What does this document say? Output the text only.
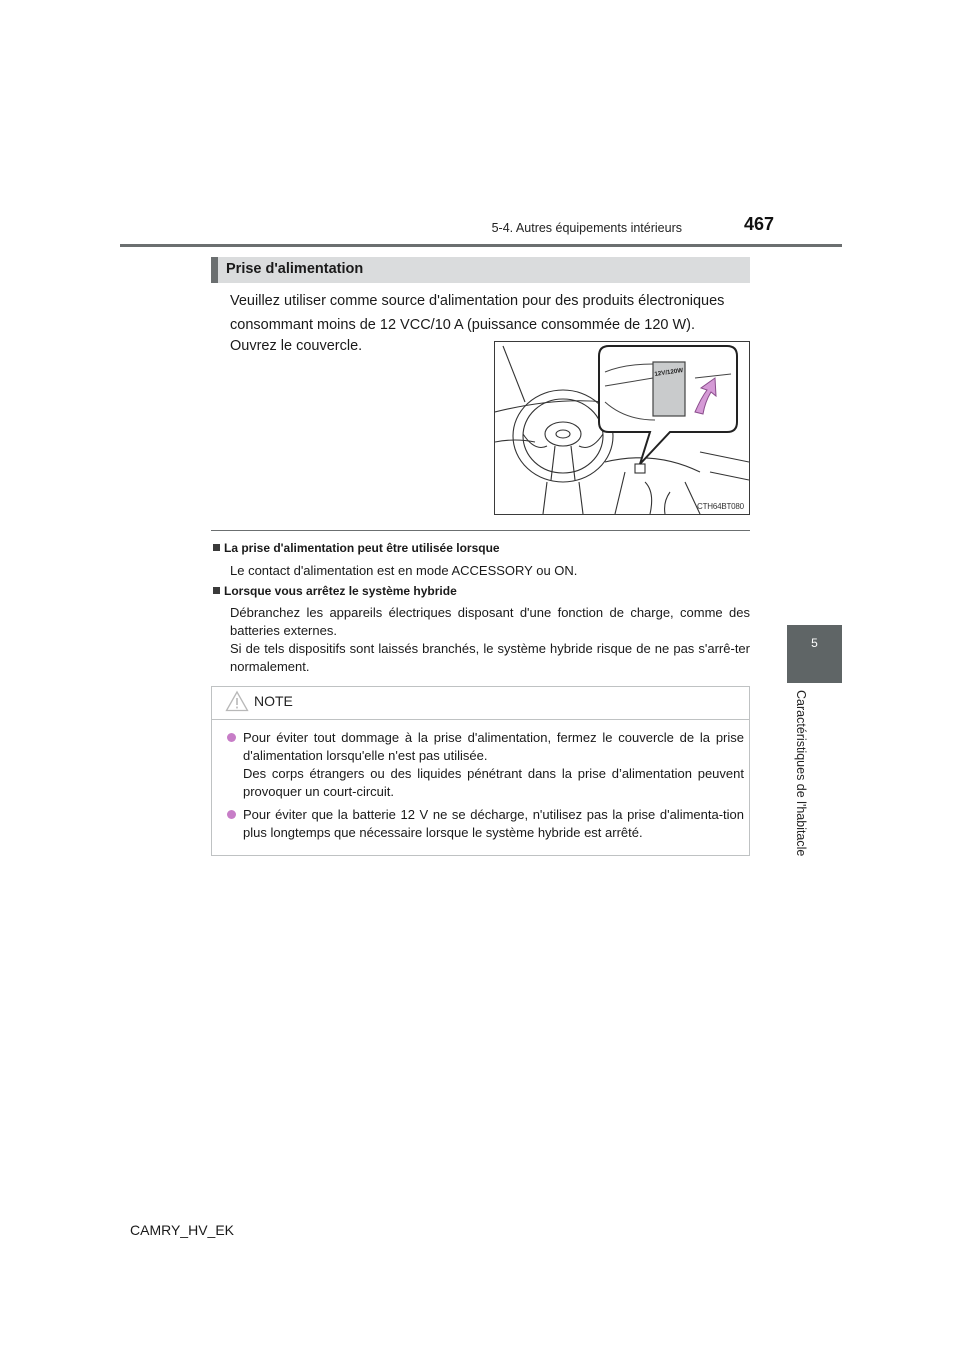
5-4. Autres équipements intérieurs	467
5
Caractéristiques de l'habitacle
Prise d'alimentation
Veuillez utiliser comme source d'alimentation pour des produits électroniques consommant moins de 12 VCC/10 A (puissance consommée de 120 W).
Ouvrez le couvercle.
12V/120W
CTH64BT080
La prise d'alimentation peut être utilisée lorsque
Le contact d'alimentation est en mode ACCESSORY ou ON.
Lorsque vous arrêtez le système hybride
Débranchez les appareils électriques disposant d'une fonction de charge, comme des batteries externes.
Si de tels dispositifs sont laissés branchés, le système hybride risque de ne pas s'arrê-ter normalement.
NOTE
Pour éviter tout dommage à la prise d'alimentation, fermez le couvercle de la prise d'alimentation lorsqu'elle n'est pas utilisée.
Des corps étrangers ou des liquides pénétrant dans la prise d’alimentation peuvent provoquer un court-circuit.
Pour éviter que la batterie 12 V ne se décharge, n'utilisez pas la prise d'alimenta-tion plus longtemps que nécessaire lorsque le système hybride est arrêté.
CAMRY_HV_EK
